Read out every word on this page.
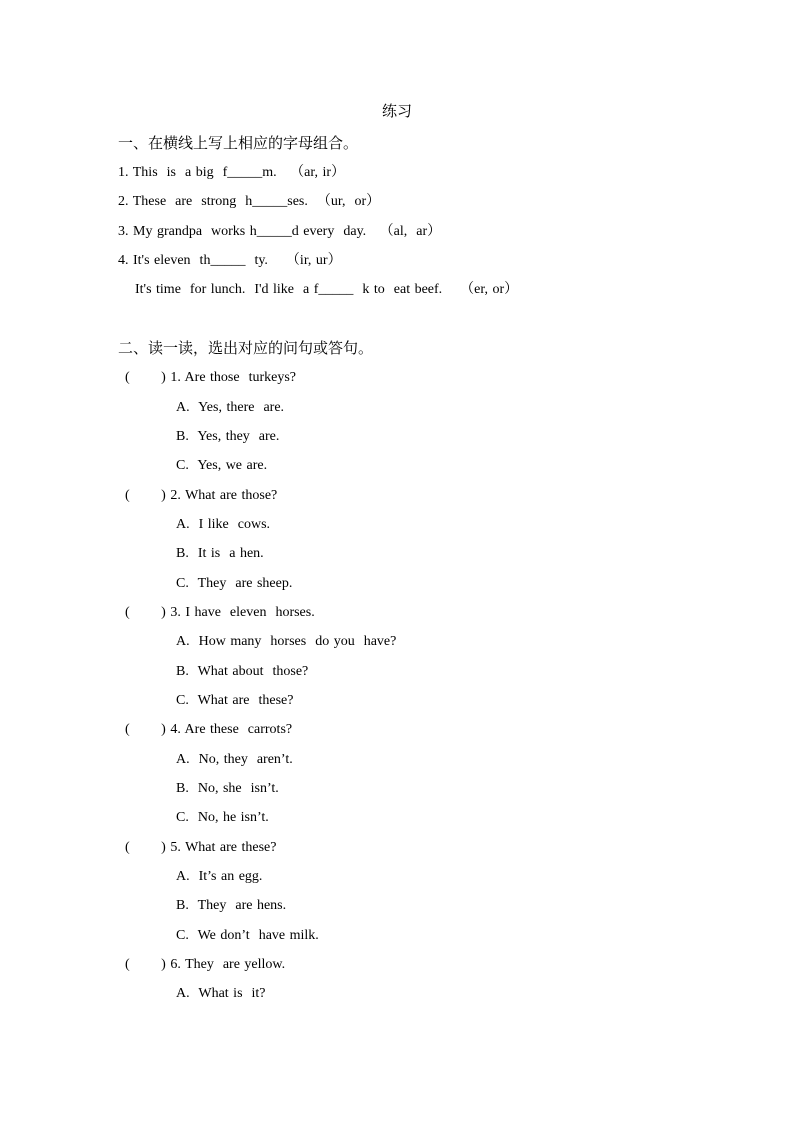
练习
一、在横线上写上相应的字母组合。
1. This  is  a big  f_____m.   （ar, ir）
2. These  are  strong  h_____ses.  （ur,  or）
3. My grandpa  works h_____d every  day.   （al,  ar）
4. It's eleven  th_____  ty.    （ir, ur）
It's time  for lunch.  I'd like  a f_____  k to  eat beef.    （er, or）
二、读一读，选出对应的问句或答句。
(       ) 1. Are those  turkeys?
A.  Yes, there  are.
B.  Yes, they  are.
C.  Yes, we are.
(       ) 2. What are those?
A.  I like  cows.
B.  It is  a hen.
C.  They  are sheep.
(       ) 3. I have  eleven  horses.
A.  How many  horses  do you  have?
B.  What about  those?
C.  What are  these?
(       ) 4. Are these  carrots?
A.  No, they  aren’t.
B.  No, she  isn’t.
C.  No, he isn’t.
(       ) 5. What are these?
A.  It’s an egg.
B.  They  are hens.
C.  We don’t  have milk.
(       ) 6. They  are yellow.
A.  What is  it?
